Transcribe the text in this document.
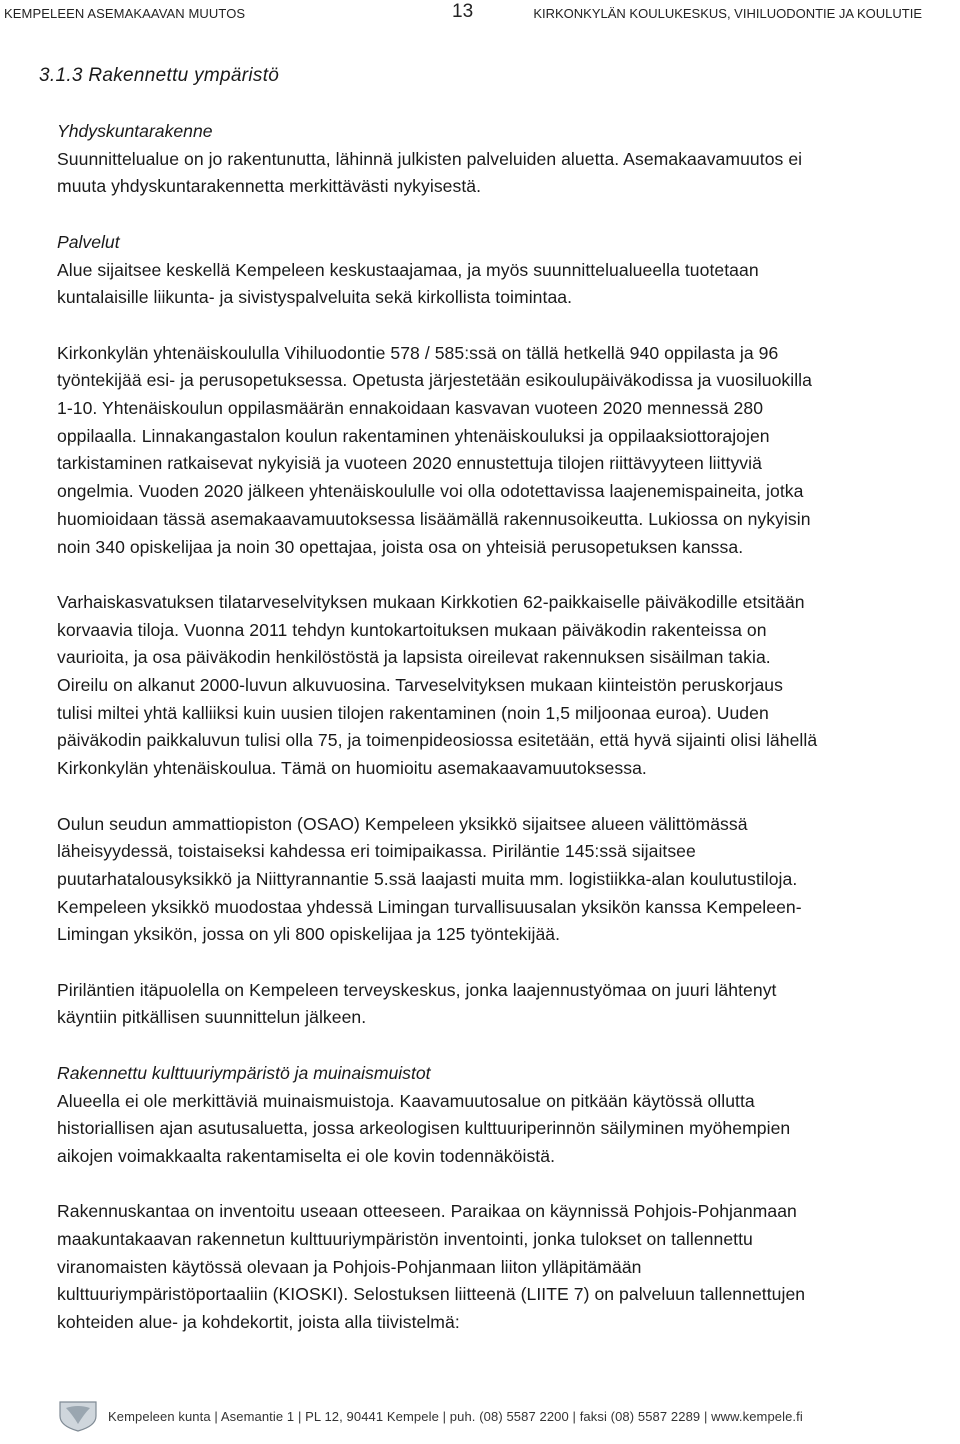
KEMPELEEN ASEMAKAAVAN MUUTOS	13	KIRKONKYLÄN KOULUKESKUS, VIHILUODONTIE JA KOULUTIE
3.1.3 Rakennettu ympäristö
Yhdyskuntarakenne

Suunnittelualue on jo rakentunutta, lähinnä julkisten palveluiden aluetta. Asemakaavamuutos ei

muuta yhdyskuntarakennetta merkittävästi nykyisestä.

Palvelut

Alue sijaitsee keskellä Kempeleen keskustaajamaa, ja myös suunnittelualueella tuotetaan

kuntalaisille liikunta- ja sivistyspalveluita sekä kirkollista toimintaa.

Kirkonkylän yhtenäiskoululla Vihiluodontie 578 / 585:ssä on tällä hetkellä 940 oppilasta ja 96

työntekijää esi- ja perusopetuksessa. Opetusta järjestetään esikoulupäiväkodissa ja vuosiluokilla

1-10. Yhtenäiskoulun oppilasmäärän ennakoidaan kasvavan vuoteen 2020 mennessä 280

oppilaalla. Linnakangastalon koulun rakentaminen yhtenäiskouluksi ja oppilaaksiottorajojen

tarkistaminen ratkaisevat nykyisiä ja vuoteen 2020 ennustettuja tilojen riittävyyteen liittyviä

ongelmia. Vuoden 2020 jälkeen yhtenäiskoululle voi olla odotettavissa laajenemispaineita, jotka

huomioidaan tässä asemakaavamuutoksessa lisäämällä rakennusoikeutta. Lukiossa on nykyisin

noin 340 opiskelijaa ja noin 30 opettajaa, joista osa on yhteisiä perusopetuksen kanssa.

Varhaiskasvatuksen tilatarveselvityksen mukaan Kirkkotien 62-paikkaiselle päiväkodille etsitään

korvaavia tiloja. Vuonna 2011 tehdyn kuntokartoituksen mukaan päiväkodin rakenteissa on

vaurioita, ja osa päiväkodin henkilöstöstä ja lapsista oireilevat rakennuksen sisäilman takia.

Oireilu on alkanut 2000-luvun alkuvuosina. Tarveselvityksen mukaan kiinteistön peruskorjaus

tulisi miltei yhtä kalliiksi kuin uusien tilojen rakentaminen (noin 1,5 miljoonaa euroa). Uuden

päiväkodin paikkaluvun tulisi olla 75, ja toimenpideosiossa esitetään, että hyvä sijainti olisi lähellä

Kirkonkylän yhtenäiskoulua. Tämä on huomioitu asemakaavamuutoksessa.

Oulun seudun ammattiopiston (OSAO) Kempeleen yksikkö sijaitsee alueen välittömässä

läheisyydessä, toistaiseksi kahdessa eri toimipaikassa. Piriläntie 145:ssä sijaitsee

puutarhatalousyksikkö ja Niittyrannantie 5.ssä laajasti muita mm. logistiikka-alan koulutustiloja.

Kempeleen yksikkö muodostaa yhdessä Limingan turvallisuusalan yksikön kanssa Kempeleen-

Limingan yksikön, jossa on yli 800 opiskelijaa ja 125 työntekijää.

Piriläntien itäpuolella on Kempeleen terveyskeskus, jonka laajennustyömaa on juuri lähtenyt

käyntiin pitkällisen suunnittelun jälkeen.

Rakennettu kulttuuriympäristö ja muinaismuistot

Alueella ei ole merkittäviä muinaismuistoja. Kaavamuutosalue on pitkään käytössä ollutta

historiallisen ajan asutusaluetta, jossa arkeologisen kulttuuriperinnön säilyminen myöhempien

aikojen voimakkaalta rakentamiselta ei ole kovin todennäköistä.

Rakennuskantaa on inventoitu useaan otteeseen. Paraikaa on käynnissä Pohjois-Pohjanmaan

maakuntakaavan rakennetun kulttuuriympäristön inventointi, jonka tulokset on tallennettu

viranomaisten käytössä olevaan ja Pohjois-Pohjanmaan liiton ylläpitämään

kulttuuriympäristöportaaliin (KIOSKI). Selostuksen liitteenä (LIITE 7) on palveluun tallennettujen

kohteiden alue- ja kohdekortit, joista alla tiivistelmä:

Kempeleen kunta | Asemantie 1 | PL 12, 90441 Kempele | puh. (08) 5587 2200 | faksi (08) 5587 2289 | www.kempele.fi
